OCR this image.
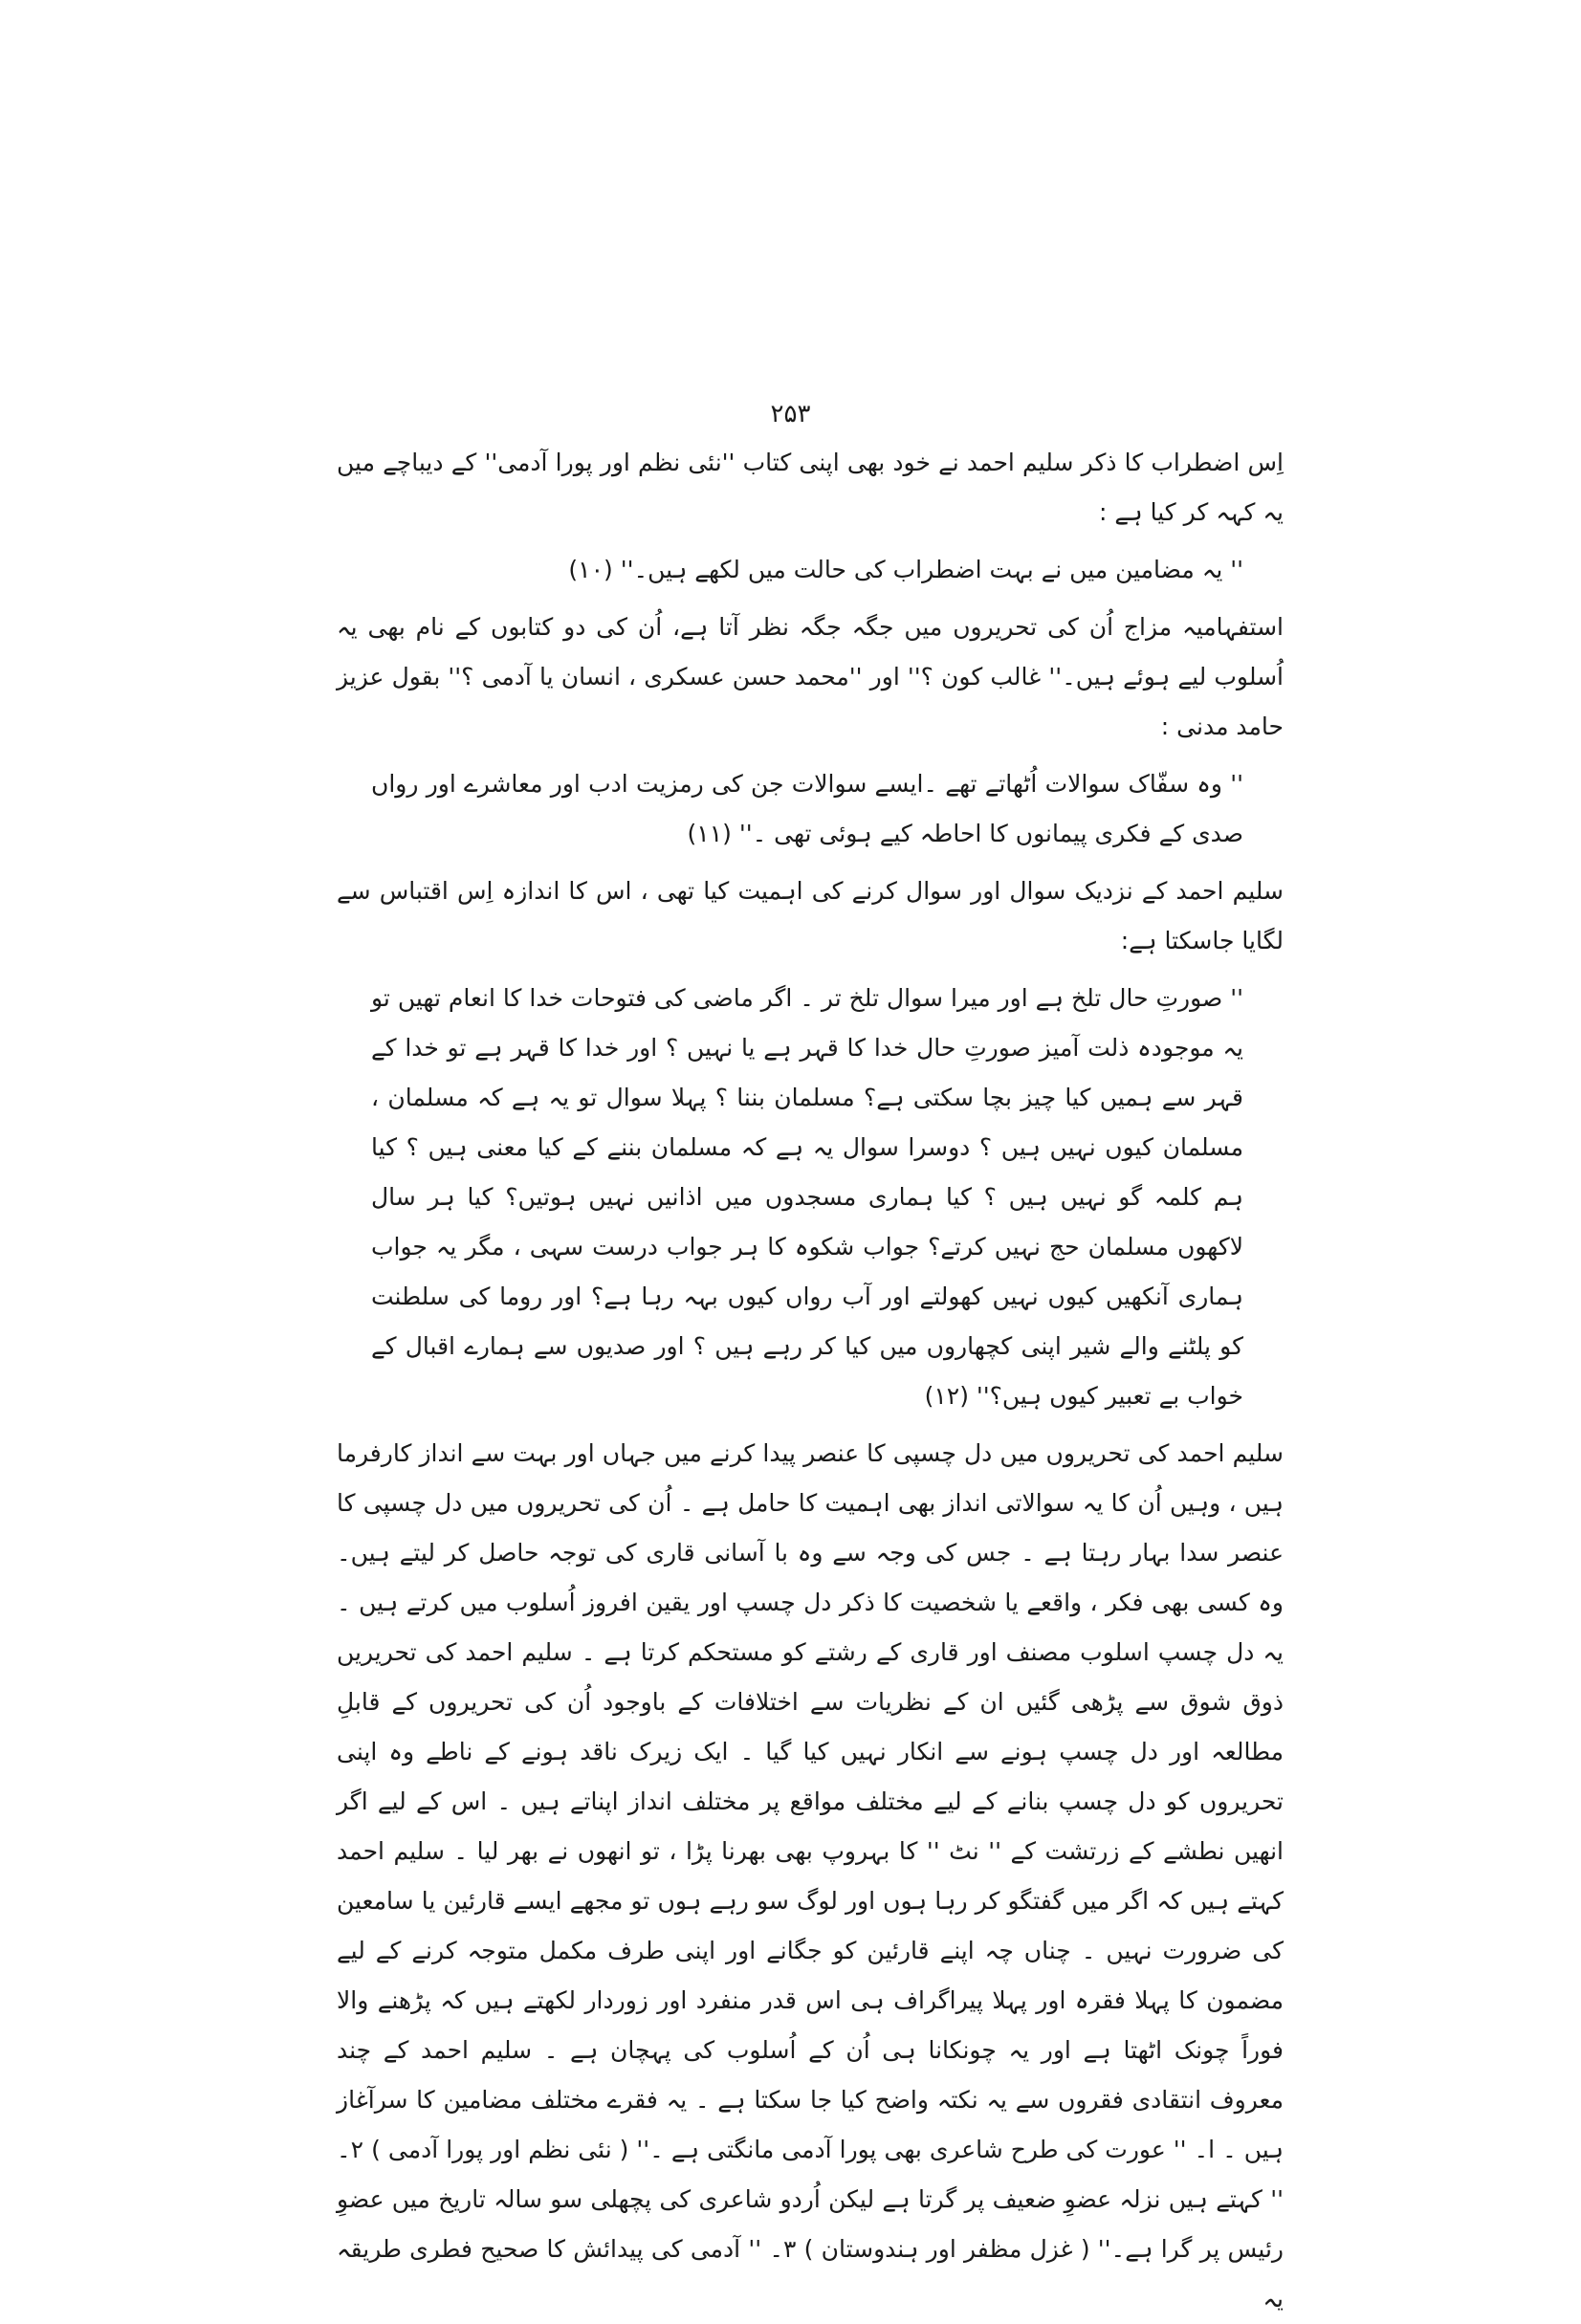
۲۵۳

اِس اضطراب کا ذکر سلیم احمد نے خود بھی اپنی کتاب ''نئی نظم اور پورا آدمی'' کے دیباچے میں یہ کہہ کر کیا ہے :

'' یہ مضامین میں نے بہت اضطراب کی حالت میں لکھے ہیں۔'' (۱۰)

استفہامیہ مزاج اُن کی تحریروں میں جگہ جگہ نظر آتا ہے، اُن کی دو کتابوں کے نام بھی یہ اُسلوب لیے ہوئے ہیں۔'' غالب کون ؟'' اور ''محمد حسن عسکری ، انسان یا آدمی ؟'' بقول عزیز حامد مدنی :

'' وہ سفّاک سوالات اُٹھاتے تھے ۔ایسے سوالات جن کی رمزیت ادب اور معاشرے اور رواں صدی کے فکری پیمانوں کا احاطہ کیے ہوئی تھی ۔'' (۱۱)

سلیم احمد کے نزدیک سوال اور سوال کرنے کی اہمیت کیا تھی ، اس کا اندازہ اِس اقتباس سے لگایا جاسکتا ہے:

'' صورتِ حال تلخ ہے اور میرا سوال تلخ تر ۔ اگر ماضی کی فتوحات خدا کا انعام تھیں تو یہ موجودہ ذلت آمیز صورتِ حال خدا کا قہر ہے یا نہیں ؟ اور خدا کا قہر ہے تو خدا کے قہر سے ہمیں کیا چیز بچا سکتی ہے؟ مسلمان بننا ؟ پہلا سوال تو یہ ہے کہ مسلمان ، مسلمان کیوں نہیں ہیں ؟ دوسرا سوال یہ ہے کہ مسلمان بننے کے کیا معنی ہیں ؟ کیا ہم کلمہ گو نہیں ہیں ؟ کیا ہماری مسجدوں میں اذانیں نہیں ہوتیں؟ کیا ہر سال لاکھوں مسلمان حج نہیں کرتے؟ جواب شکوہ کا ہر جواب درست سہی ، مگر یہ جواب ہماری آنکھیں کیوں نہیں کھولتے اور آب رواں کیوں بہہ رہا ہے؟ اور روما کی سلطنت کو پلٹنے والے شیر اپنی کچھاروں میں کیا کر رہے ہیں ؟ اور صدیوں سے ہمارے اقبال کے خواب بے تعبیر کیوں ہیں؟'' (۱۲)

سلیم احمد کی تحریروں میں دل چسپی کا عنصر پیدا کرنے میں جہاں اور بہت سے انداز کارفرما ہیں ، وہیں اُن کا یہ سوالاتی انداز بھی اہمیت کا حامل ہے ۔ اُن کی تحریروں میں دل چسپی کا عنصر سدا بہار رہتا ہے ۔ جس کی وجہ سے وہ با آسانی قاری کی توجہ حاصل کر لیتے ہیں۔ وہ کسی بھی فکر ، واقعے یا شخصیت کا ذکر دل چسپ اور یقین افروز اُسلوب میں کرتے ہیں ۔ یہ دل چسپ اسلوب مصنف اور قاری کے رشتے کو مستحکم کرتا ہے ۔ سلیم احمد کی تحریریں ذوق شوق سے پڑھی گئیں ان کے نظریات سے اختلافات کے باوجود اُن کی تحریروں کے قابلِ مطالعہ اور دل چسپ ہونے سے انکار نہیں کیا گیا ۔ ایک زیرک ناقد ہونے کے ناطے وہ اپنی تحریروں کو دل چسپ بنانے کے لیے مختلف مواقع پر مختلف انداز اپناتے ہیں ۔ اس کے لیے اگر انھیں نطشے کے زرتشت کے '' نٹ '' کا بہروپ بھی بھرنا پڑا ، تو انھوں نے بھر لیا ۔ سلیم احمد کہتے ہیں کہ اگر میں گفتگو کر رہا ہوں اور لوگ سو رہے ہوں تو مجھے ایسے قارئین یا سامعین کی ضرورت نہیں ۔ چناں چہ اپنے قارئین کو جگانے اور اپنی طرف مکمل متوجہ کرنے کے لیے مضمون کا پہلا فقرہ اور پہلا پیراگراف ہی اس قدر منفرد اور زوردار لکھتے ہیں کہ پڑھنے والا فوراً چونک اٹھتا ہے اور یہ چونکانا ہی اُن کے اُسلوب کی پہچان ہے ۔ سلیم احمد کے چند معروف انتقادی فقروں سے یہ نکتہ واضح کیا جا سکتا ہے ۔ یہ فقرے مختلف مضامین کا سرآغاز ہیں ۔ ا۔ '' عورت کی طرح شاعری بھی پورا آدمی مانگتی ہے ۔'' ( نئی نظم اور پورا آدمی ) ۲۔ '' کہتے ہیں نزلہ عضوِ ضعیف پر گرتا ہے لیکن اُردو شاعری کی پچھلی سو سالہ تاریخ میں عضوِ رئیس پر گرا ہے۔'' ( غزل مظفر اور ہندوستان ) ۳۔ '' آدمی کی پیدائش کا صحیح فطری طریقہ یہ
